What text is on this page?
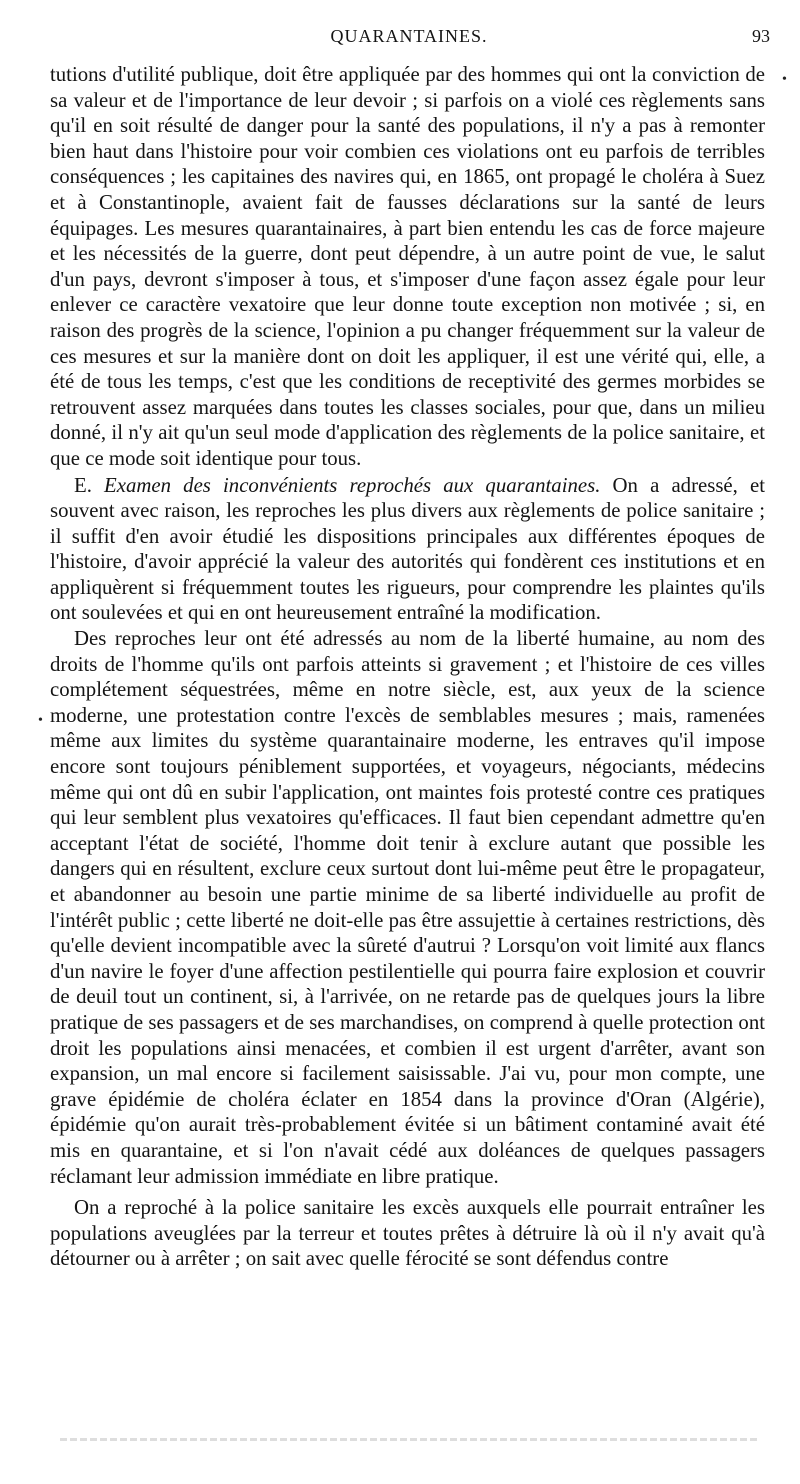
QUARANTAINES.	93

tutions d'utilité publique, doit être appliquée par des hommes qui ont la conviction de sa valeur et de l'importance de leur devoir ; si parfois on a violé ces règlements sans qu'il en soit résulté de danger pour la santé des populations, il n'y a pas à remonter bien haut dans l'histoire pour voir combien ces violations ont eu parfois de terribles conséquences ; les capitaines des navires qui, en 1865, ont propagé le choléra à Suez et à Constantinople, avaient fait de fausses déclarations sur la santé de leurs équipages. Les mesures quarantainaires, à part bien entendu les cas de force majeure et les nécessités de la guerre, dont peut dépendre, à un autre point de vue, le salut d'un pays, devront s'imposer à tous, et s'imposer d'une façon assez égale pour leur enlever ce caractère vexatoire que leur donne toute exception non motivée ; si, en raison des progrès de la science, l'opinion a pu changer fréquemment sur la valeur de ces mesures et sur la manière dont on doit les appliquer, il est une vérité qui, elle, a été de tous les temps, c'est que les conditions de receptivité des germes morbides se retrouvent assez marquées dans toutes les classes sociales, pour que, dans un milieu donné, il n'y ait qu'un seul mode d'application des règlements de la police sanitaire, et que ce mode soit identique pour tous.

E. Examen des inconvénients reprochés aux quarantaines. On a adressé, et souvent avec raison, les reproches les plus divers aux règlements de police sanitaire ; il suffit d'en avoir étudié les dispositions principales aux différentes époques de l'histoire, d'avoir apprécié la valeur des autorités qui fondèrent ces institutions et en appliquèrent si fréquemment toutes les rigueurs, pour comprendre les plaintes qu'ils ont soulevées et qui en ont heureusement entraîné la modification.

Des reproches leur ont été adressés au nom de la liberté humaine, au nom des droits de l'homme qu'ils ont parfois atteints si gravement ; et l'histoire de ces villes complétement séquestrées, même en notre siècle, est, aux yeux de la science moderne, une protestation contre l'excès de semblables mesures ; mais, ramenées même aux limites du système quarantainaire moderne, les entraves qu'il impose encore sont toujours péniblement supportées, et voyageurs, négociants, médecins même qui ont dû en subir l'application, ont maintes fois protesté contre ces pratiques qui leur semblent plus vexatoires qu'efficaces. Il faut bien cependant admettre qu'en acceptant l'état de société, l'homme doit tenir à exclure autant que possible les dangers qui en résultent, exclure ceux surtout dont lui-même peut être le propagateur, et abandonner au besoin une partie minime de sa liberté individuelle au profit de l'intérêt public ; cette liberté ne doit-elle pas être assujettie à certaines restrictions, dès qu'elle devient incompatible avec la sûreté d'autrui ? Lorsqu'on voit limité aux flancs d'un navire le foyer d'une affection pestilentielle qui pourra faire explosion et couvrir de deuil tout un continent, si, à l'arrivée, on ne retarde pas de quelques jours la libre pratique de ses passagers et de ses marchandises, on comprend à quelle protection ont droit les populations ainsi menacées, et combien il est urgent d'arrêter, avant son expansion, un mal encore si facilement saisissable. J'ai vu, pour mon compte, une grave épidémie de choléra éclater en 1854 dans la province d'Oran (Algérie), épidémie qu'on aurait très-probablement évitée si un bâtiment contaminé avait été mis en quarantaine, et si l'on n'avait cédé aux doléances de quelques passagers réclamant leur admission immédiate en libre pratique.

On a reproché à la police sanitaire les excès auxquels elle pourrait entraîner les populations aveuglées par la terreur et toutes prêtes à détruire là où il n'y avait qu'à détourner ou à arrêter ; on sait avec quelle férocité se sont défendus contre

•
•
